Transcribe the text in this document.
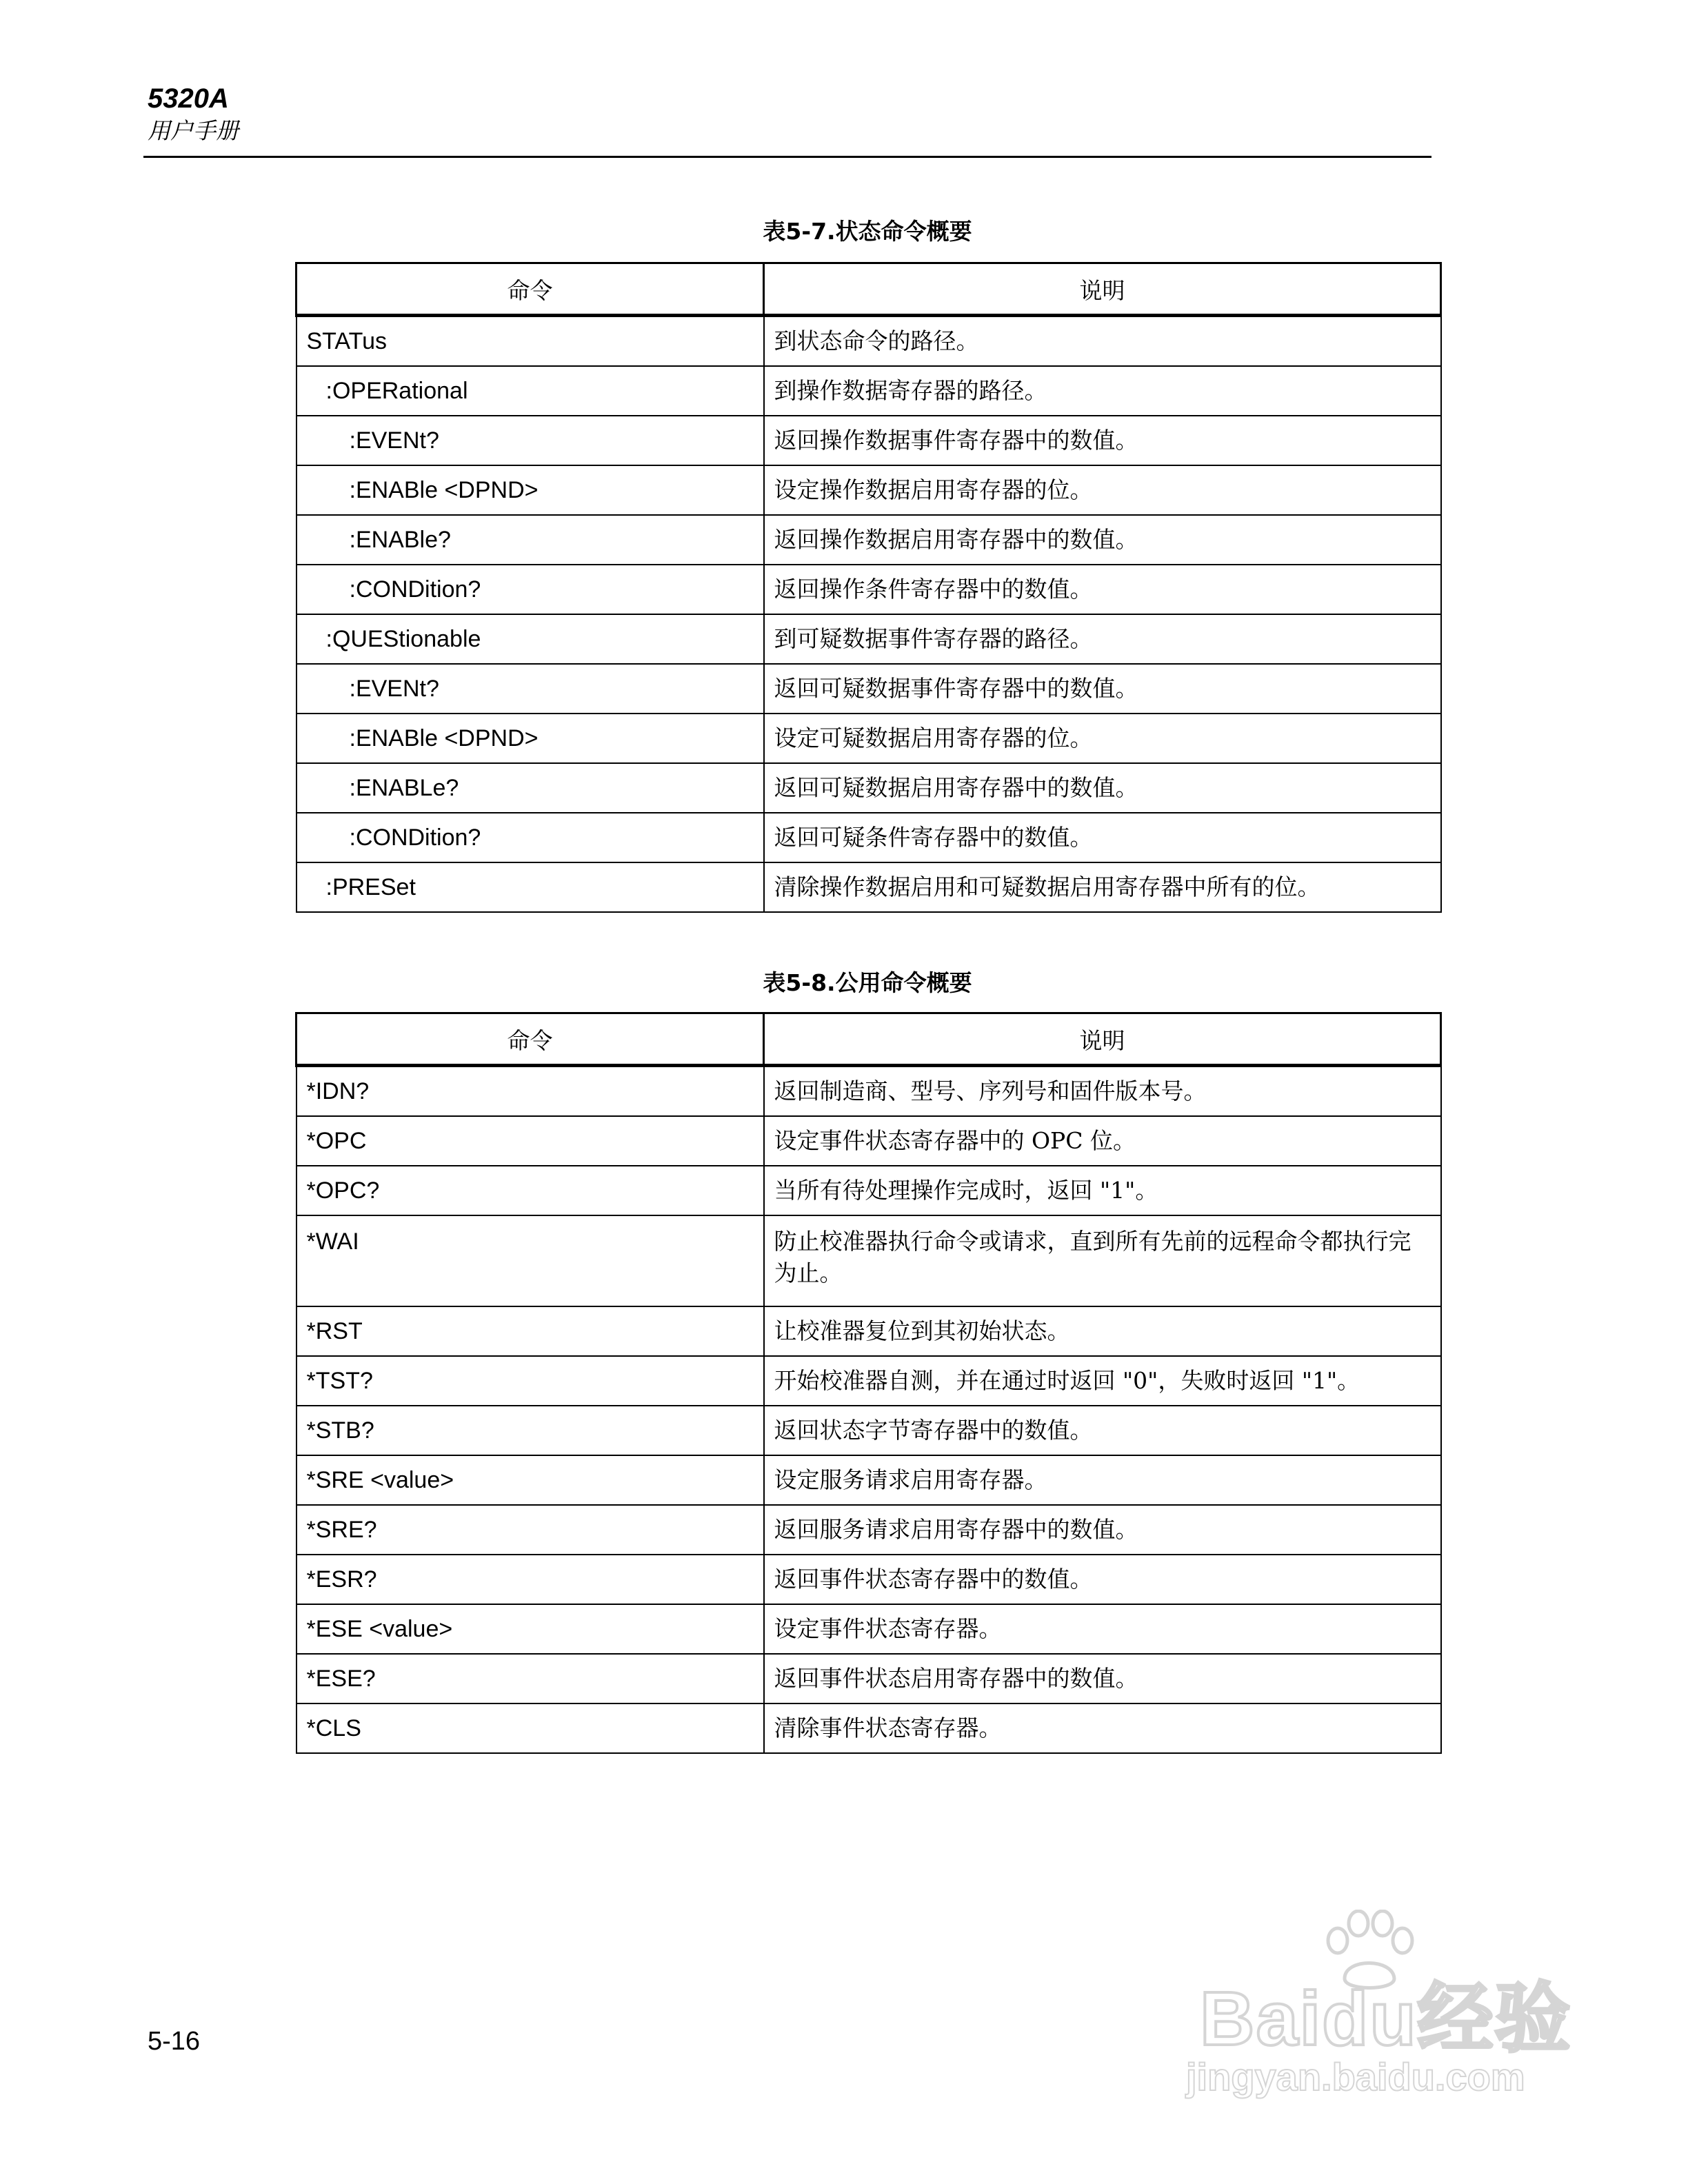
5320A
用户手册
表5-7.状态命令概要
命令	说明
STATus	到状态命令的路径。
:OPERational	到操作数据寄存器的路径。
:EVENt?	返回操作数据事件寄存器中的数值。
:ENABle <DPND>	设定操作数据启用寄存器的位。
:ENABle?	返回操作数据启用寄存器中的数值。
:CONDition?	返回操作条件寄存器中的数值。
:QUEStionable	到可疑数据事件寄存器的路径。
:EVENt?	返回可疑数据事件寄存器中的数值。
:ENABle <DPND>	设定可疑数据启用寄存器的位。
:ENABLe?	返回可疑数据启用寄存器中的数值。
:CONDition?	返回可疑条件寄存器中的数值。
:PRESet	清除操作数据启用和可疑数据启用寄存器中所有的位。
表5-8.公用命令概要
命令	说明
*IDN?	返回制造商、型号、序列号和固件版本号。
*OPC	设定事件状态寄存器中的 OPC 位。
*OPC?	当所有待处理操作完成时，返回 "1"。
*WAI	防止校准器执行命令或请求，直到所有先前的远程命令都执行完为止。
*RST	让校准器复位到其初始状态。
*TST?	开始校准器自测，并在通过时返回 "0"，失败时返回 "1"。
*STB?	返回状态字节寄存器中的数值。
*SRE <value>	设定服务请求启用寄存器。
*SRE?	返回服务请求启用寄存器中的数值。
*ESR?	返回事件状态寄存器中的数值。
*ESE <value>	设定事件状态寄存器。
*ESE?	返回事件状态启用寄存器中的数值。
*CLS	清除事件状态寄存器。
5-16	Baidu经验
jingyan.baidu.com
